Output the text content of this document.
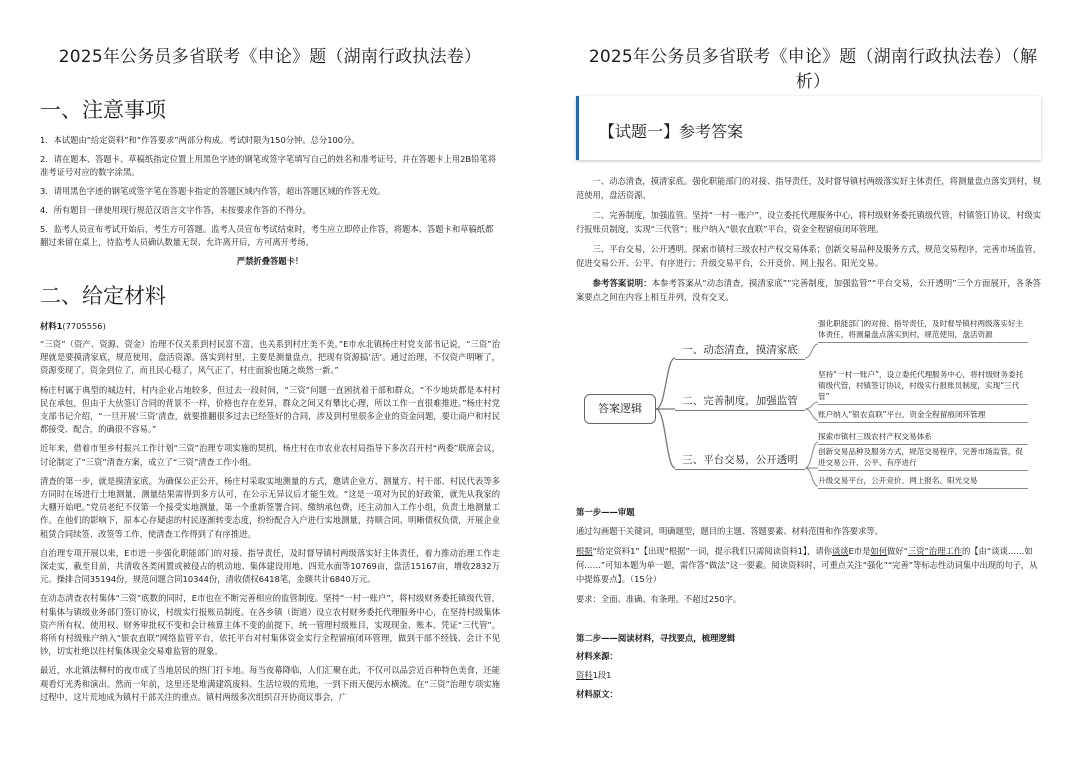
2025年公务员多省联考《申论》题（湖南行政执法卷）
一、注意事项

1．本试题由“给定资料”和“作答要求”两部分构成。考试时限为150分钟。总分100分。

2．请在题本、答题卡、草稿纸指定位置上用黑色字迹的钢笔或签字笔填写自己的姓名和准考证号，并在答题卡上用2B铅笔将准考证号对应的数字涂黑。

3．请用黑色字迹的钢笔或签字笔在答题卡指定的答题区域内作答，超出答题区域的作答无效。

4．所有题目一律使用现行规范汉语言文字作答，未按要求作答的不得分。

5．监考人员宣布考试开始后，考生方可答题。监考人员宣布考试结束时，考生应立即停止作答，将题本、答题卡和草稿纸都翻过来留在桌上，待监考人员确认数量无误、允许离开后，方可离开考场。

严禁折叠答题卡！

二、给定材料
材料1(7705556)

“三资”（资产、资源、资金）治理不仅关系到村民富不富，也关系到村庄美不美。”E市水北镇杨庄村党支部书记说，“三资”治理就是要摸清家底，规范使用，盘活资源。落实到村里，主要是测量盘点，把现有资源搞‘活’。通过治理，不仅资产明晰了，资源变现了，资金到位了，而且民心稳了，风气正了，村庄面貌也随之焕然一新。”

杨庄村属于典型的城边村，村内企业占地较多，但过去一段时间，“三资”问题一直困扰着干部和群众。“不少地块都是本村村民在承包，但由于大伙签订合同的背景不一样，价格也存在差异，群众之间又有攀比心理，所以工作一直很难推进。”杨庄村党支部书记介绍，“一旦开展‘三资’清查，就要推翻很多过去已经签好的合同，涉及到村里很多企业的资金问题，要让商户和村民都接受、配合，的确很不容易。”

近年来，借着市里乡村振兴工作计划“三资”治理专项实施的契机，杨庄村在市农业农村局指导下多次召开村“两委”联席会议，讨论制定了“三资”清查方案，成立了“三资”清查工作小组。

清查的第一步，就是摸清家底。为确保公正公开，杨庄村采取实地测量的方式，邀请企业方、测量方、村干部、村民代表等多方同时在场进行土地测量，测量结果需得到多方认可，在公示无异议后才能生效。“这是一项对为民的好政策，就先从我家的大棚开始吧。”党员老纪不仅第一个接受实地测量，第一个重新签署合同、缴纳承包费，还主动加入工作小组，负责土地测量工作。在他们的影响下，原本心存疑虑的村民逐渐转变态度，纷纷配合入户进行实地测量，持顺合同、明晰债权负债，开展企业租赁合同续签、改签等工作，使清查工作得到了有序推进。

自治理专项开展以来，E市进一步强化职能部门的对接、指导责任，及时督导镇村两级落实好主体责任，着力推动治理工作走深走实，截至目前，共清收各类闲置或被侵占的机动地、集体建设用地、四荒水面等10769亩，盘活15167亩，增收2832万元。操排合同35194份，规范问题合同10344份，清收债权6418笔，金额共计6840万元。

在动态清查农村集体“三资”底数的同时，E市也在不断完善相应的监管制度。坚持“一村一账户”，将村级财务委托镇级代管，村集体与镇级业务部门签订协议，村级实行报账员制度。在各乡镇（街道）设立农村财务委托代理服务中心，在坚持村级集体资产所有权、使用权、财务审批权不变和会计核算主体不变的前提下，统一管理村级账目，实现现金、账本、凭证“三代管”。将所有村级账户纳入“银农直联”网络监管平台，依托平台对村集体资金实行全程留痕闭环管理，做到干部不经钱、会计不见钞，切实杜绝以往村集体现金交易难监管的现象。

最近，水北镇法柳村的夜市成了当地居民的热门打卡地。每当夜幕降临，人们汇聚在此，不仅可以品尝近百种特色美食，还能观看灯光秀和演出。然而一年前，这里还是堆满建筑废料、生活垃圾的荒地，一到下雨天便污水横流。在“三资”治理专项实施过程中，这片荒地成为镇村干部关注的重点。镇村两级多次组织召开协商议事会，广

2025年公务员多省联考《申论》题（湖南行政执法卷）（解析）
【试题一】参考答案

一、动态清查，摸清家底。强化职能部门的对接、指导责任，及时督导镇村两级落实好主体责任，将测量盘点落实到村，规范使用，盘活资源。

二、完善制度，加强监管。坚持“一村一账户”，设立委托代理服务中心，将村级财务委托镇级代管，村镇签订协议，村级实行报账员制度，实现“三代管”；账户纳入“银农直联”平台，资金全程留痕闭环管理。

三、平台交易，公开透明。探索市镇村三级农村产权交易体系；创新交易品种及服务方式，规范交易程序，完善市场监管，促进交易公开、公平、有序进行；升级交易平台，公开竞价、网上报名、阳光交易。

参考答案说明：本参考答案从“动态清查，摸清家底”“完善制度，加强监管”“平台交易，公开透明”三个方面展开，各条答案要点之间在内容上相互并列，没有交叉。

答案逻辑
一、动态清查，摸清家底
二、完善制度，加强监管
三、平台交易，公开透明
强化职能部门的对接、指导责任，及时督导镇村两级落实好主体责任，将测量盘点落实到村，规范使用，盘活资源
坚持“一村一账户”，设立委托代理服务中心，将村级财务委托镇级代管，村镇签订协议，村级实行报账员制度，实现“三代管”
账户纳入“银农直联”平台，资金全程留痕闭环管理
探索市镇村三级农村产权交易体系
创新交易品种及服务方式，规范交易程序，完善市场监管，促进交易公开、公平、有序进行
升级交易平台，公开竞价、网上报名、阳光交易
第一步——审题

通过勾画题干关键词，明确题型，题目的主题、答题要素、材料范围和作答要求等。

根据“给定资料1”【出现“根据”一词，提示我们只需阅读资料1】，请你谈谈E市是如何做好“三资”治理工作的【由“谈谈……如何……”可知本题为单一题，需作答“做法”这一要素。阅读资料时，可重点关注“强化”“完善”等标志性动词集中出现的句子，从中提炼要点】。（15分）

要求：全面、准确、有条理。不超过250字。

第二步——阅读材料，寻找要点，梳理逻辑
材料来源：

资料1段1

材料原文：
